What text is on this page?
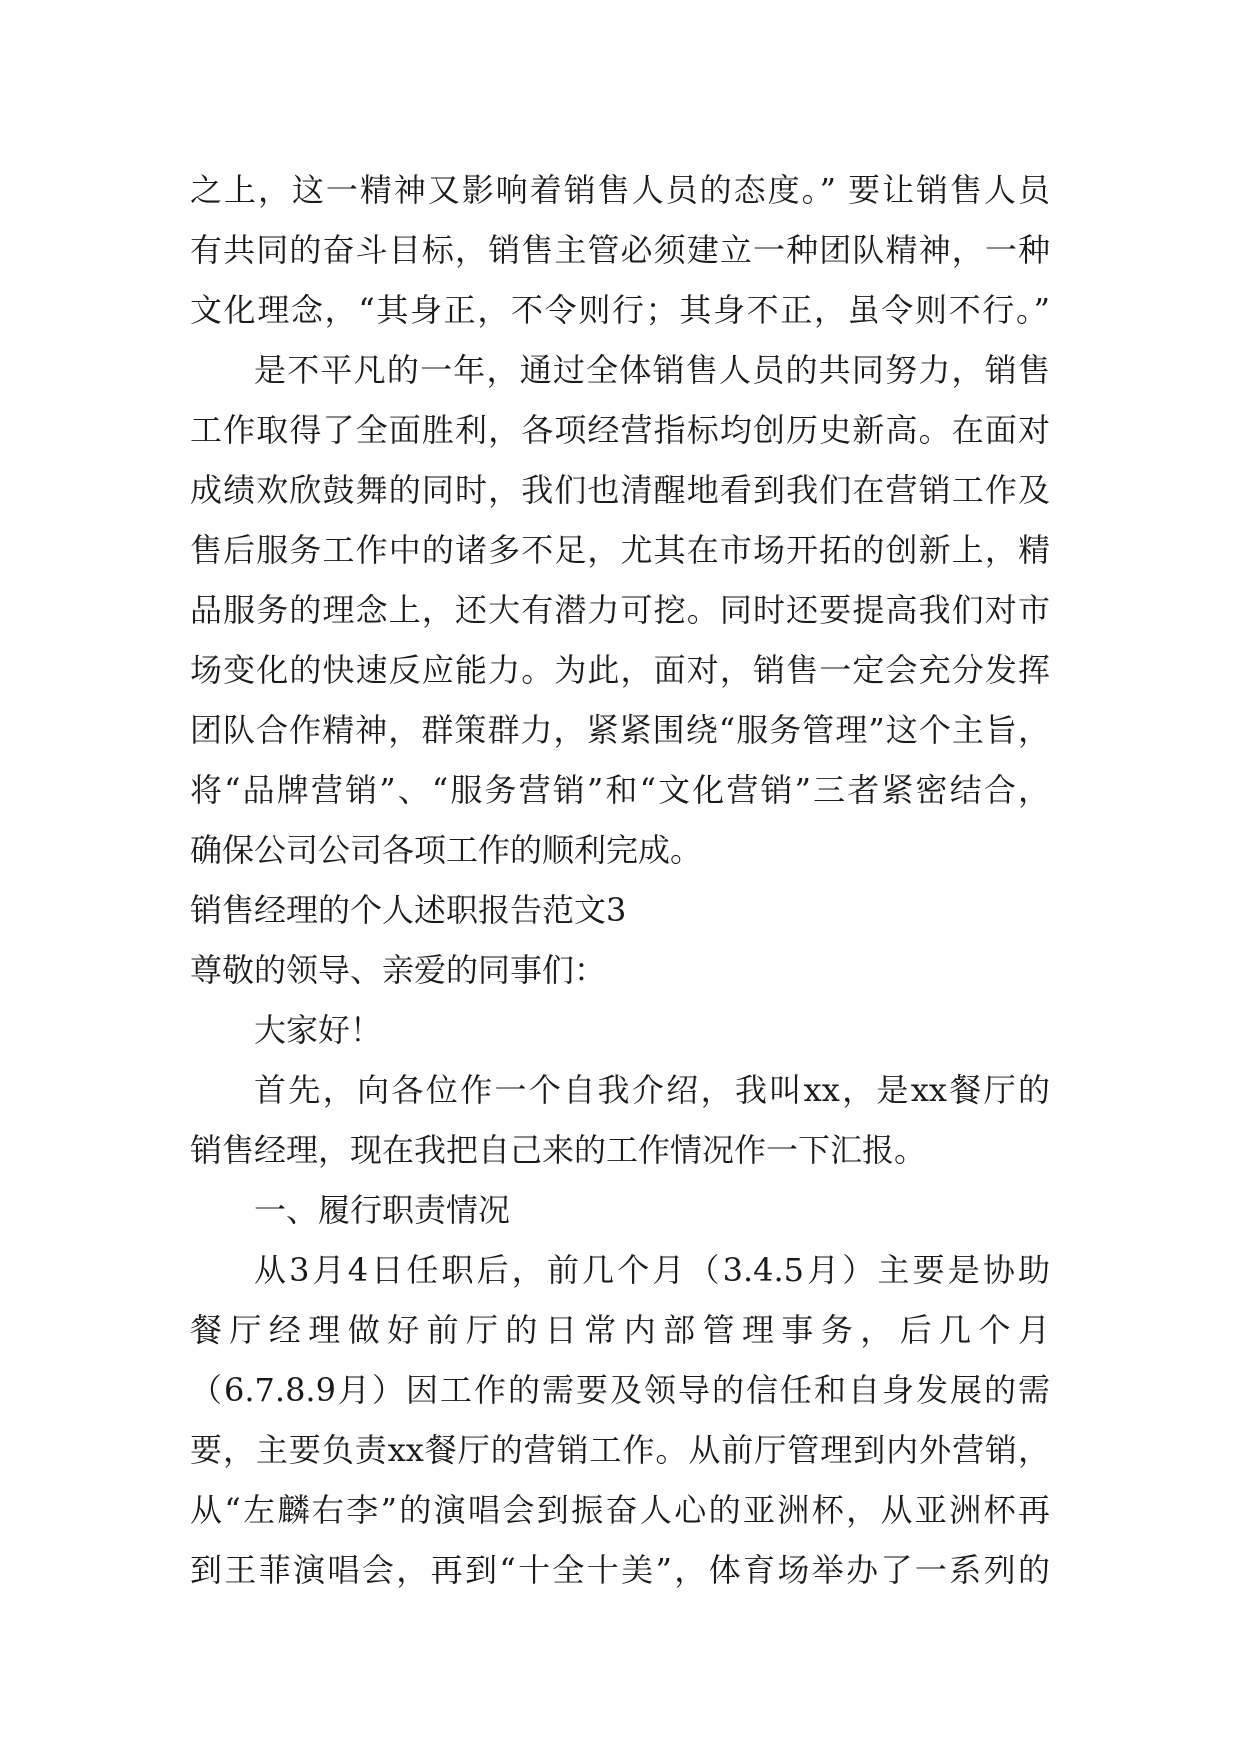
之上，这一精神又影响着销售人员的态度。” 要让销售人员
有共同的奋斗目标，销售主管必须建立一种团队精神，一种
文化理念，“其身正，不令则行；其身不正，虽令则不行。”
是不平凡的一年，通过全体销售人员的共同努力，销售
工作取得了全面胜利，各项经营指标均创历史新高。在面对
成绩欢欣鼓舞的同时，我们也清醒地看到我们在营销工作及
售后服务工作中的诸多不足，尤其在市场开拓的创新上，精
品服务的理念上，还大有潜力可挖。同时还要提高我们对市
场变化的快速反应能力。为此，面对，销售一定会充分发挥
团队合作精神，群策群力，紧紧围绕“服务管理”这个主旨，
将“品牌营销”、“服务营销”和“文化营销”三者紧密结合，
确保公司公司各项工作的顺利完成。
销售经理的个人述职报告范文3
尊敬的领导、亲爱的同事们：
大家好！
首先，向各位作一个自我介绍，我叫xx，是xx餐厅的
销售经理，现在我把自己来的工作情况作一下汇报。
一、履行职责情况
从3月4日任职后，前几个月（3.4.5月）主要是协助
餐厅经理做好前厅的日常内部管理事务，后几个月
（6.7.8.9月）因工作的需要及领导的信任和自身发展的需
要，主要负责xx餐厅的营销工作。从前厅管理到内外营销，
从“左麟右李”的演唱会到振奋人心的亚洲杯，从亚洲杯再
到王菲演唱会，再到“十全十美”，体育场举办了一系列的
